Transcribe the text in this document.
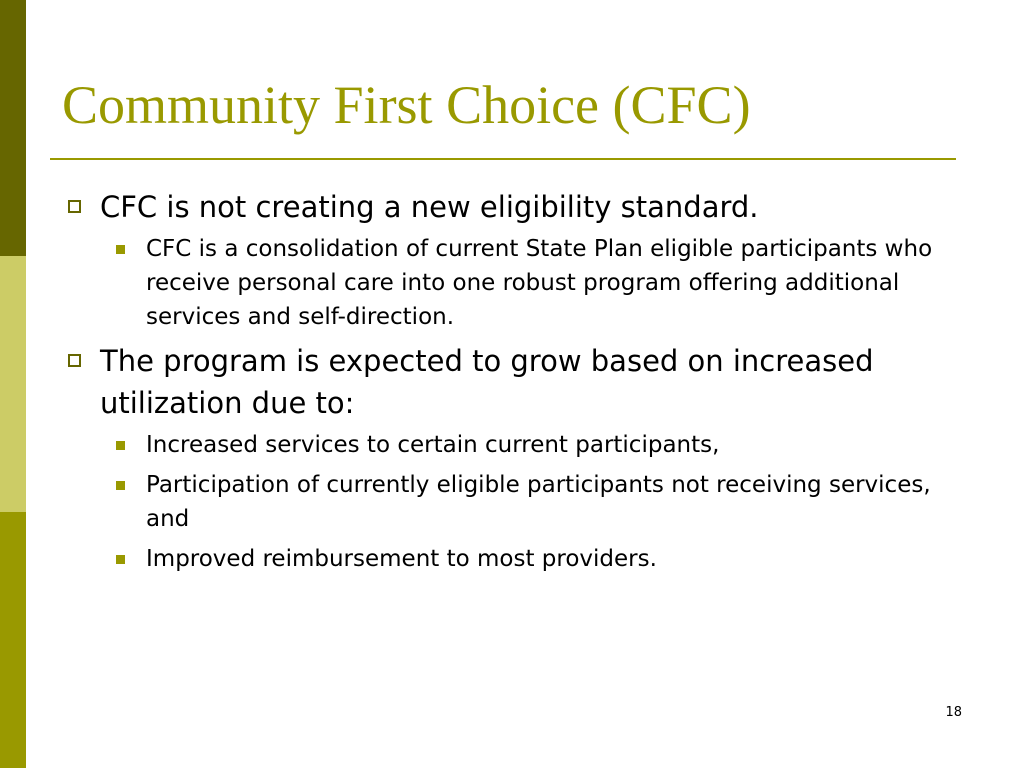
Community First Choice (CFC)
CFC is not creating a new eligibility standard.
CFC is a consolidation of current State Plan eligible participants who receive personal care into one robust program offering additional services and self-direction.
The program is expected to grow based on increased utilization due to:
Increased services to certain current participants,
Participation of currently eligible participants not receiving services, and
Improved reimbursement to most providers.
18
